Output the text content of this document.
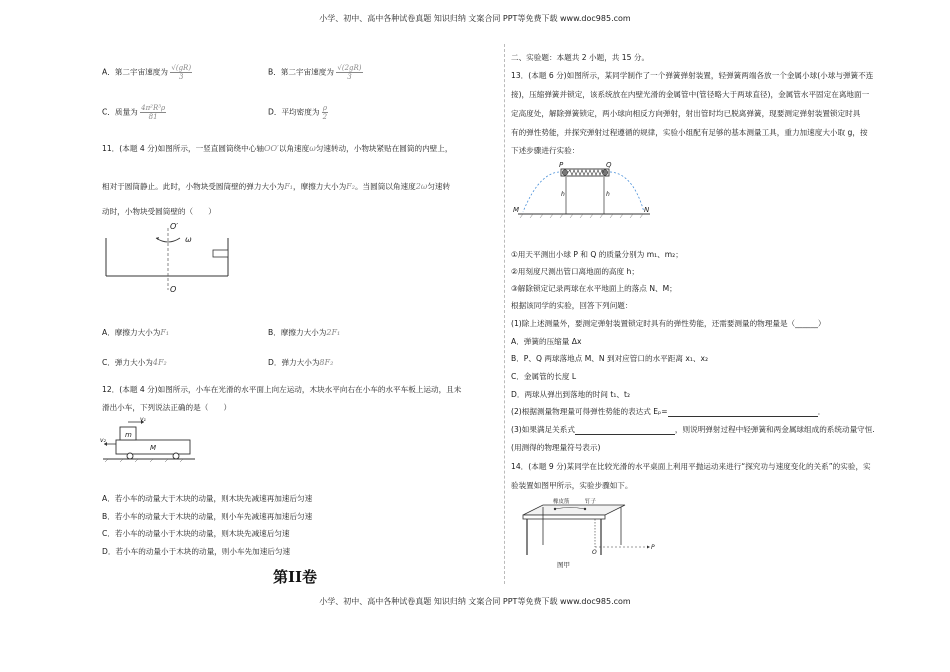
小学、初中、高中各种试卷真题 知识归纳 文案合同 PPT等免费下载 www.doc985.com
A．第二宇宙速度为 $\frac{√(gR)}{3}$	B．第二宇宙速度为 $\frac{√(2gR)}{3}$
C．质量为 $\frac{\text{4π²R³ρ}}{81}$	D．平均密度为 $\frac{\rho}{2}$
11．(本题 4 分)如图所示，一竖直圆筒绕中心轴OO′以角速度ω匀速转动，小物块紧贴在圆筒的内壁上，
相对于圆筒静止。此时，小物块受圆筒壁的弹力大小为F₁，摩擦力大小为F₂。当圆筒以角速度2ω匀速转
动时，小物块受圆筒壁的（　　）
O′
ω
O
A．摩擦力大小为F₁	B．摩擦力大小为2F₁
C．弹力大小为4F₂	D．弹力大小为8F₂
12．(本题 4 分)如图所示，小车在光滑的水平面上向左运动，木块水平向右在小车的水平车板上运动，且未
滑出小车，下列说法正确的是（　　）
v₁
v₂
m
M
A．若小车的动量大于木块的动量，则木块先减速再加速后匀速
B．若小车的动量大于木块的动量，则小车先减速再加速后匀速
C．若小车的动量小于木块的动量，则木块先减速后匀速
D．若小车的动量小于木块的动量，则小车先加速后匀速
第II卷
二、实验题：本题共 2 小题，共 15 分。
13．(本题 6 分)如图所示，某同学制作了一个弹簧弹射装置，轻弹簧两端各放一个金属小球(小球与弹簧不连
接)，压缩弹簧并锁定，该系统放在内壁光滑的金属管中(管径略大于两球直径)，金属管水平固定在离地面一
定高度处，解除弹簧锁定，两小球向相反方向弹射，射出管时均已脱离弹簧，现要测定弹射装置锁定时具
有的弹性势能，并探究弹射过程遵循的规律，实验小组配有足够的基本测量工具，重力加速度大小取 g，按
下述步骤进行实验：
P	Q
h	h
M	N
①用天平测出小球 P 和 Q 的质量分别为 m₁、m₂；
②用刻度尺测出管口离地面的高度 h；
③解除锁定记录两球在水平地面上的落点 N、M；
根据该同学的实验，回答下列问题：
(1)除上述测量外，要测定弹射装置锁定时具有的弹性势能，还需要测量的物理量是（______）
A．弹簧的压缩量 Δx
B．P、Q 两球落地点 M、N 到对应管口的水平距离 x₁、x₂
C．金属管的长度 L
D．两球从弹出到落地的时间 t₁、t₂
(2)根据测量物理量可得弹性势能的表达式 Eₚ=	．
(3)如果满足关系式	，则说明弹射过程中轻弹簧和两金属球组成的系统动量守恒.
(用测得的物理量符号表示)
14．(本题 9 分)某同学在比较光滑的水平桌面上利用平抛运动来进行“探究功与速度变化的关系”的实验，实
验装置如图甲所示，实验步骤如下。
橡皮筋	钉子
O
P
图甲
小学、初中、高中各种试卷真题 知识归纳 文案合同 PPT等免费下载 www.doc985.com
